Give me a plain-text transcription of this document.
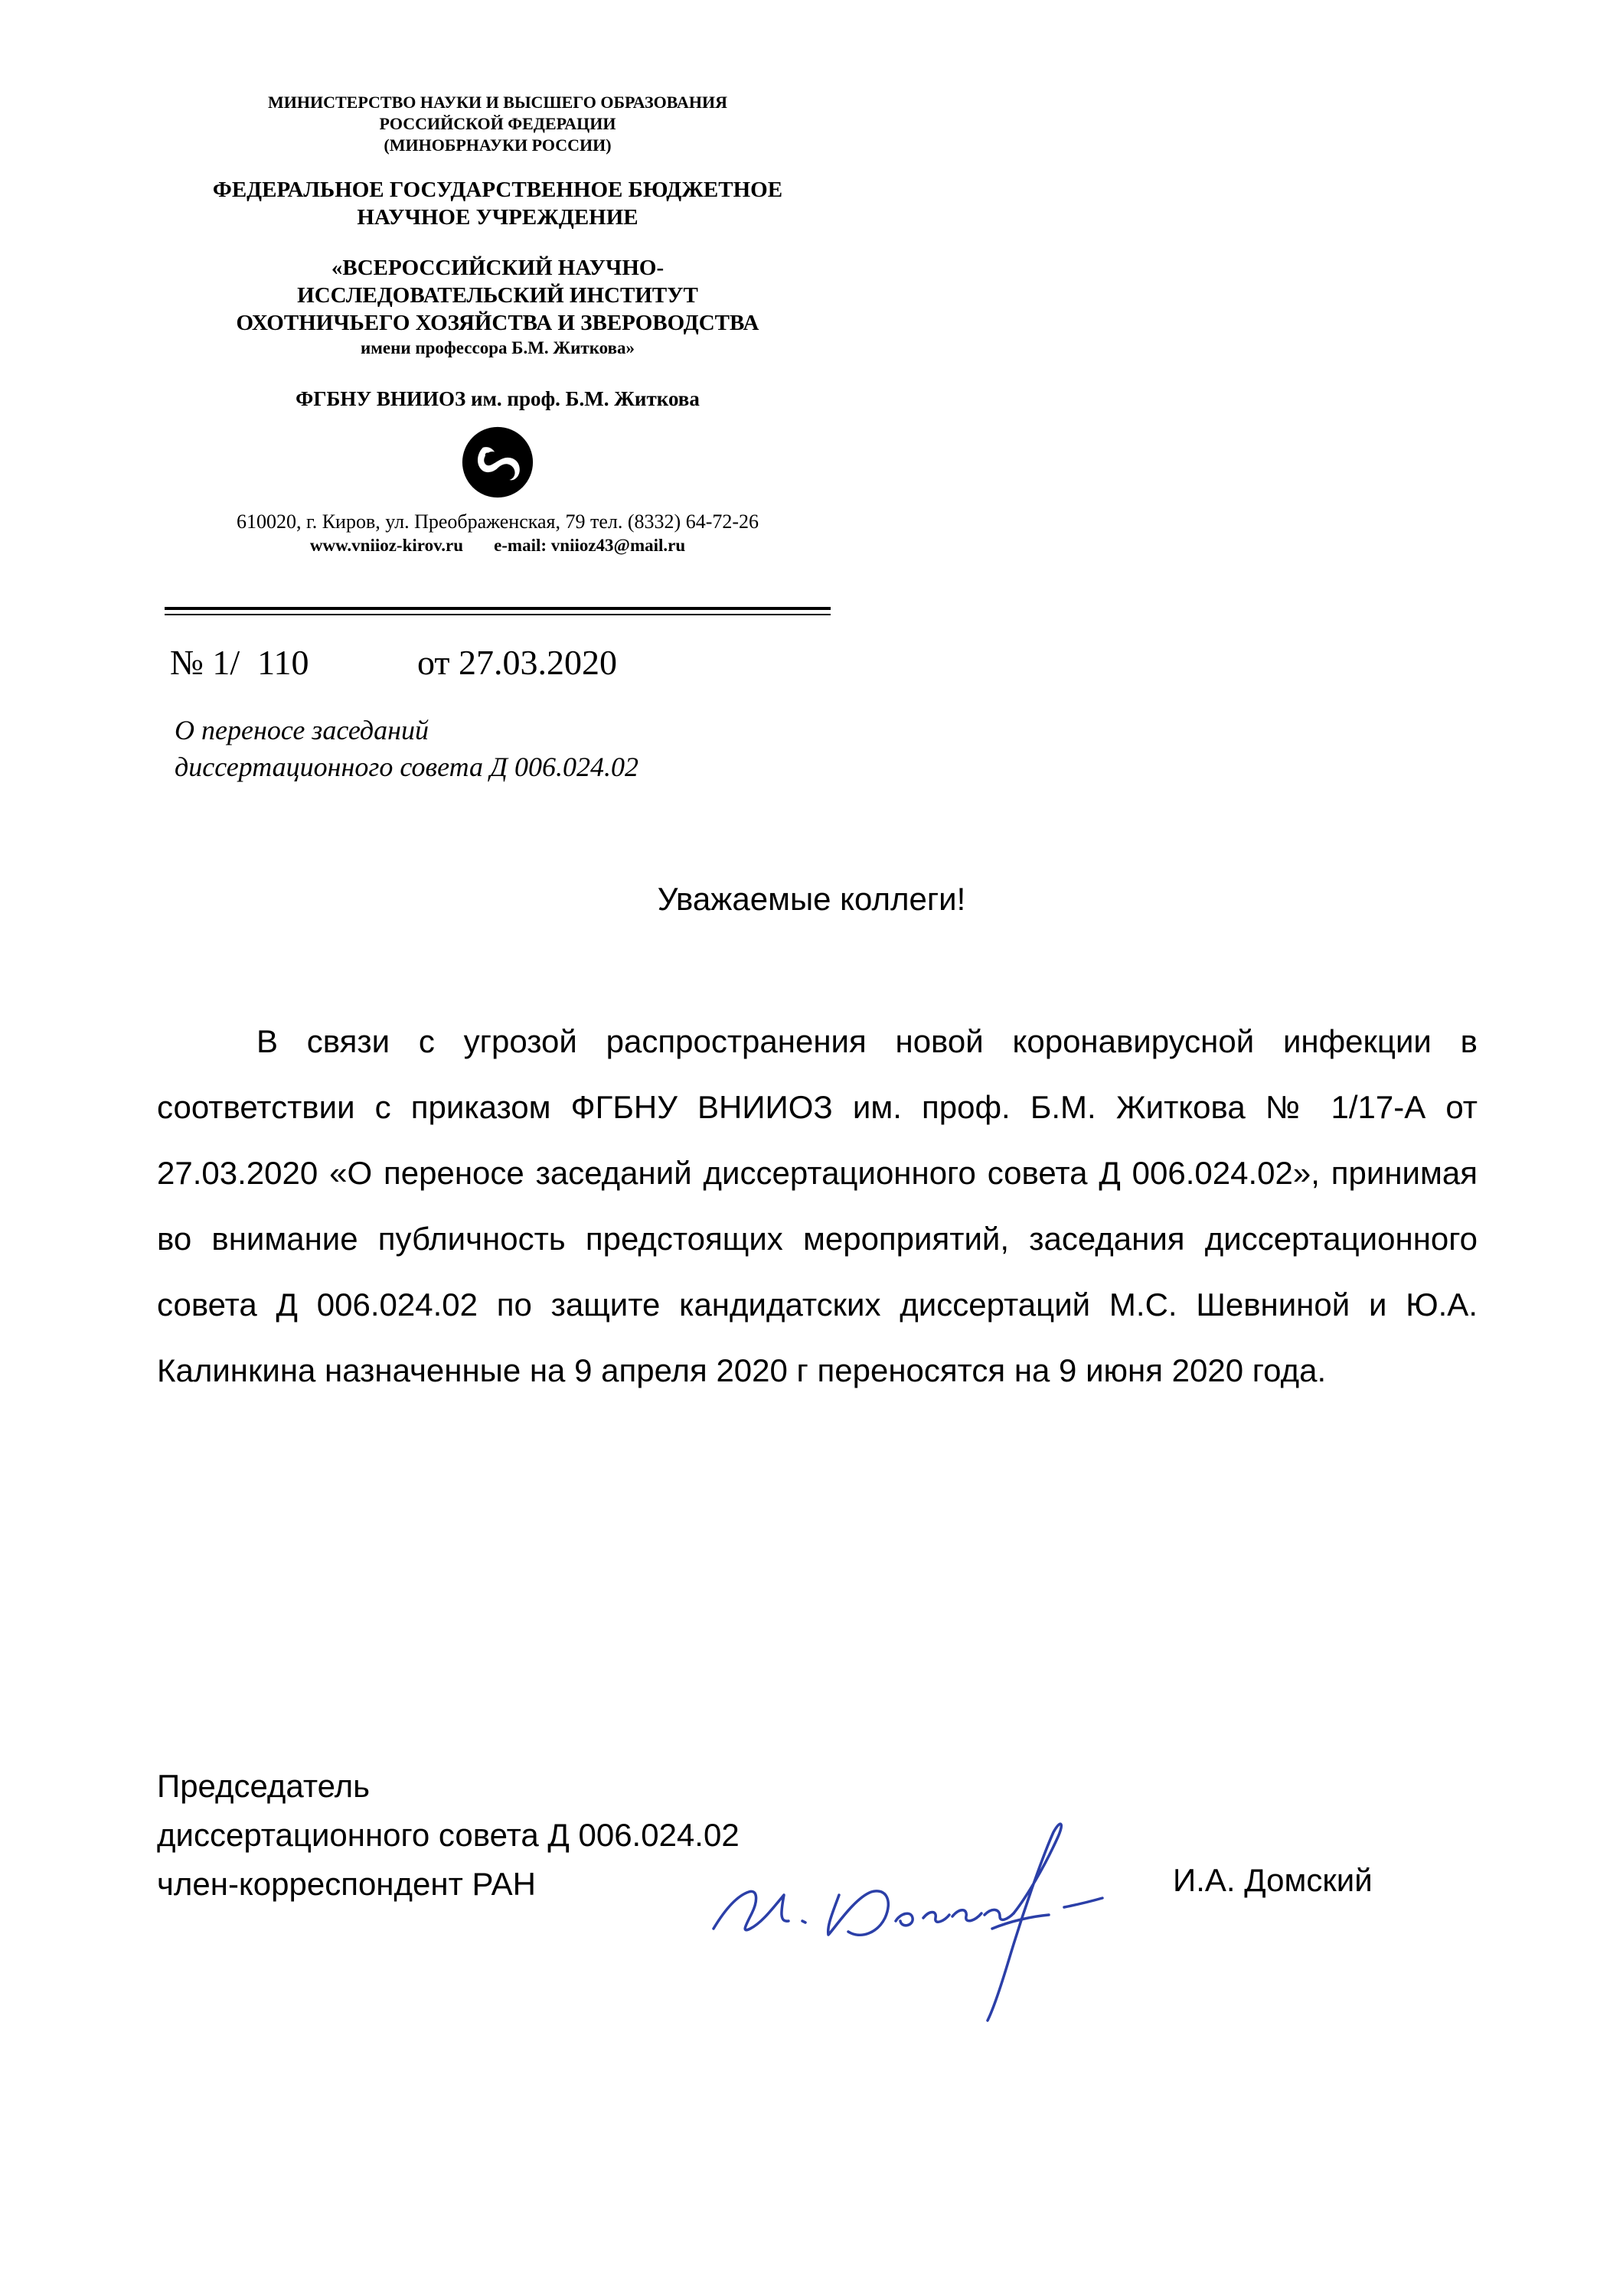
МИНИСТЕРСТВО НАУКИ И ВЫСШЕГО ОБРАЗОВАНИЯ
РОССИЙСКОЙ ФЕДЕРАЦИИ
(МИНОБРНАУКИ РОССИИ)
ФЕДЕРАЛЬНОЕ ГОСУДАРСТВЕННОЕ БЮДЖЕТНОЕ
НАУЧНОЕ УЧРЕЖДЕНИЕ
«ВСЕРОССИЙСКИЙ НАУЧНО-
ИССЛЕДОВАТЕЛЬСКИЙ ИНСТИТУТ
ОХОТНИЧЬЕГО ХОЗЯЙСТВА И ЗВЕРОВОДСТВА
имени профессора Б.М. Житкова»
ФГБНУ ВНИИОЗ им. проф. Б.М. Житкова
610020, г. Киров, ул. Преображенская, 79 тел. (8332) 64-72-26
www.vniioz-kirov.ru e-mail: vniioz43@mail.ru
№ 1/  110	от 27.03.2020
О переносе заседаний
диссертационного совета Д 006.024.02
Уважаемые коллеги!
В связи с угрозой распространения новой коронавирусной инфекции в соответствии с приказом ФГБНУ ВНИИОЗ им. проф. Б.М. Житкова № 1/17-А от 27.03.2020 «О переносе заседаний диссертационного совета Д 006.024.02», принимая во внимание публичность предстоящих мероприятий, заседания диссертационного совета Д 006.024.02 по защите кандидатских диссертаций М.С. Шевниной и Ю.А. Калинкина назначенные на 9 апреля 2020 г переносятся на 9 июня 2020 года.
Председатель
диссертационного совета Д 006.024.02
член-корреспондент РАН	И.А. Домский
